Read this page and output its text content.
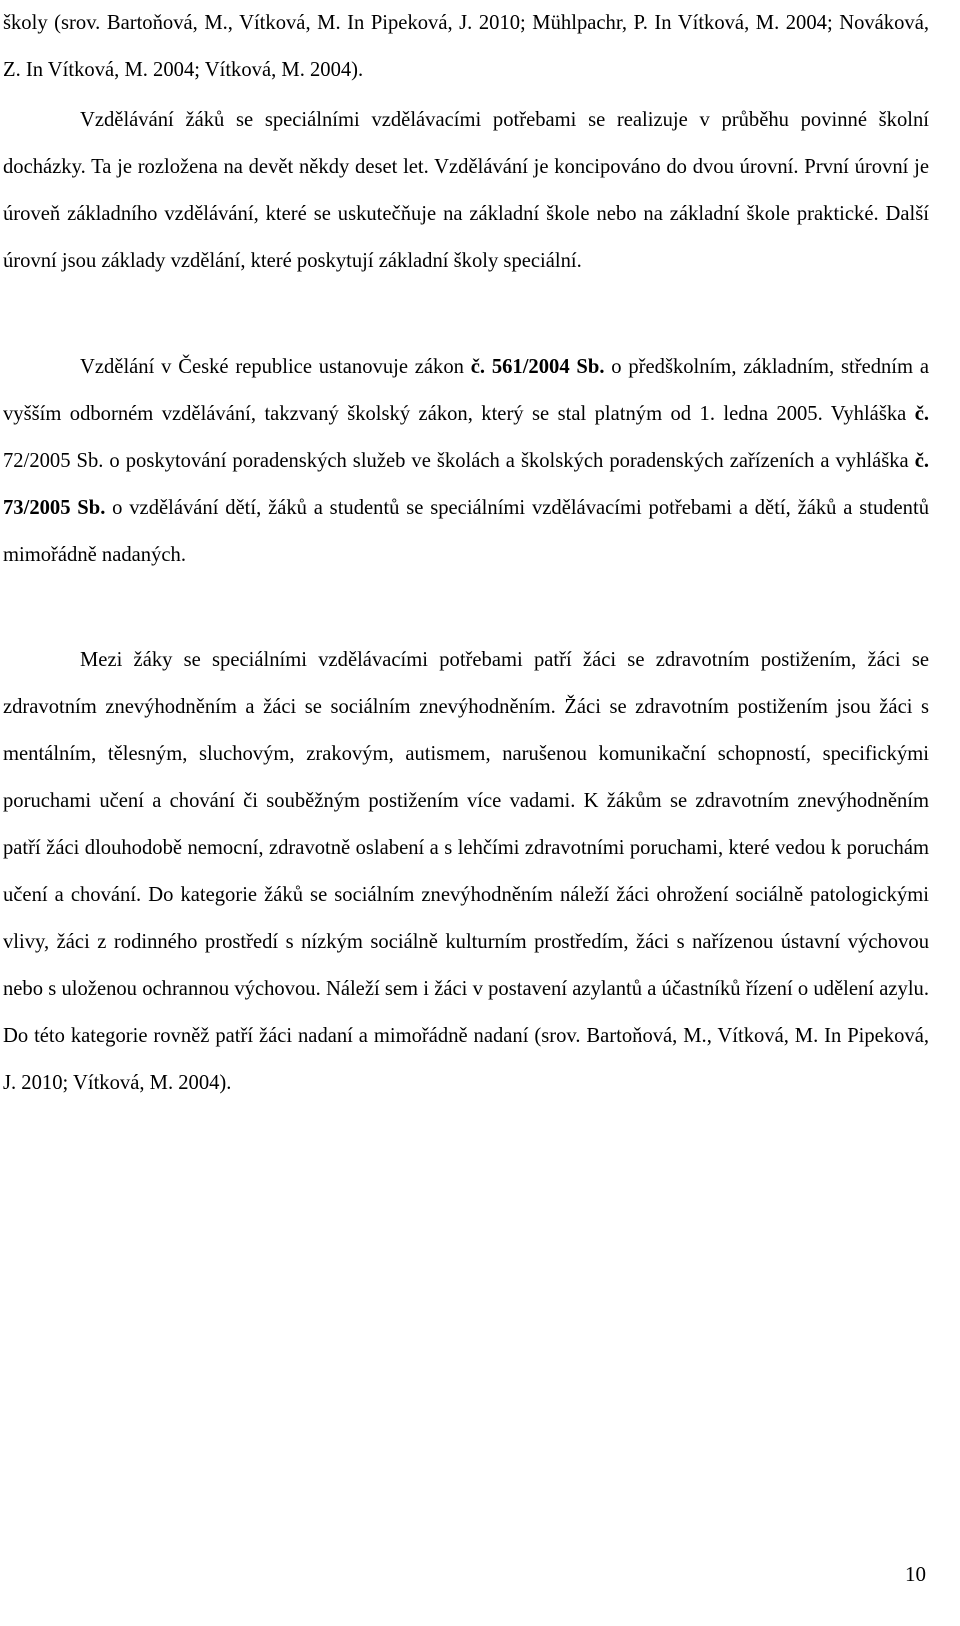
školy (srov. Bartoňová, M., Vítková, M. In Pipeková, J. 2010; Mühlpachr, P. In Vítková, M. 2004; Nováková, Z. In Vítková, M. 2004; Vítková, M. 2004).

Vzdělávání žáků se speciálními vzdělávacími potřebami se realizuje v průběhu povinné školní docházky. Ta je rozložena na devět někdy deset let. Vzdělávání je koncipováno do dvou úrovní. První úrovní je úroveň základního vzdělávání, které se uskutečňuje na základní škole nebo na základní škole praktické. Další úrovní jsou základy vzdělání, které poskytují základní školy speciální.

Vzdělání v České republice ustanovuje zákon č. 561/2004 Sb. o předškolním, základním, středním a vyšším odborném vzdělávání, takzvaný školský zákon, který se stal platným od 1. ledna 2005. Vyhláška č. 72/2005 Sb. o poskytování poradenských služeb ve školách a školských poradenských zařízeních a vyhláška č. 73/2005 Sb. o vzdělávání dětí, žáků a studentů se speciálními vzdělávacími potřebami a dětí, žáků a studentů mimořádně nadaných.

Mezi žáky se speciálními vzdělávacími potřebami patří žáci se zdravotním postižením, žáci se zdravotním znevýhodněním a žáci se sociálním znevýhodněním. Žáci se zdravotním postižením jsou žáci s mentálním, tělesným, sluchovým, zrakovým, autismem, narušenou komunikační schopností, specifickými poruchami učení a chování či souběžným postižením více vadami. K žákům se zdravotním znevýhodněním patří žáci dlouhodobě nemocní, zdravotně oslabení a s lehčími zdravotními poruchami, které vedou k poruchám učení a chování. Do kategorie žáků se sociálním znevýhodněním náleží žáci ohrožení sociálně patologickými vlivy, žáci z rodinného prostředí s nízkým sociálně kulturním prostředím, žáci s nařízenou ústavní výchovou nebo s uloženou ochrannou výchovou. Náleží sem i žáci v postavení azylantů a účastníků řízení o udělení azylu. Do této kategorie rovněž patří žáci nadaní a mimořádně nadaní (srov. Bartoňová, M., Vítková, M. In Pipeková, J. 2010; Vítková, M. 2004).

10
